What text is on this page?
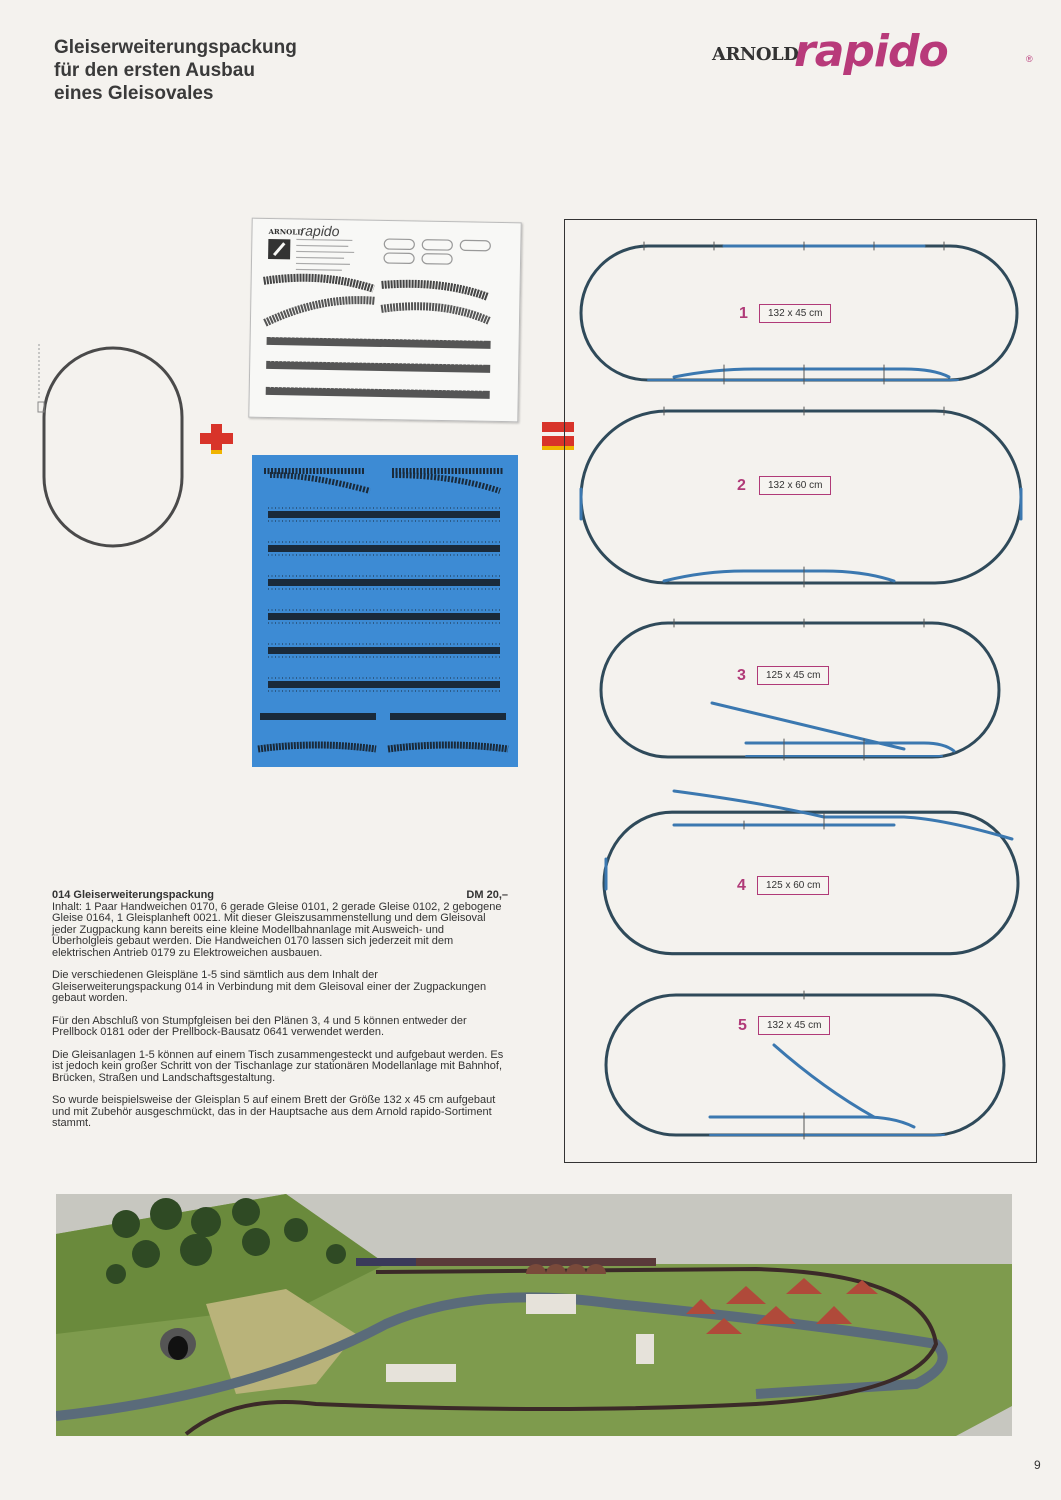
Gleiserweiterungspackung
für den ersten Ausbau
eines Gleisovales
ARNOLD
rapido	®
ARNOLD
rapido
1	132 x 45 cm
2	132 x 60 cm
3	125 x 45 cm
4	125 x 60 cm
5	132 x 45 cm
014 Gleiserweiterungspackung	DM 20,–

Inhalt: 1 Paar Handweichen 0170, 6 gerade Gleise 0101, 2 gerade Gleise 0102, 2 gebogene Gleise 0164, 1 Gleisplanheft 0021. Mit dieser Gleiszusammenstellung und dem Gleisoval jeder Zugpackung kann bereits eine kleine Modellbahnanlage mit Ausweich- und Überholgleis gebaut werden. Die Handweichen 0170 lassen sich jederzeit mit dem elektrischen Antrieb 0179 zu Elektroweichen ausbauen.

Die verschiedenen Gleispläne 1-5 sind sämtlich aus dem Inhalt der Gleiserweiterungspackung 014 in Verbindung mit dem Gleisoval einer der Zugpackungen gebaut worden.

Für den Abschluß von Stumpfgleisen bei den Plänen 3, 4 und 5 können entweder der Prellbock 0181 oder der Prellbock-Bausatz 0641 verwendet werden.

Die Gleisanlagen 1-5 können auf einem Tisch zusammengesteckt und aufgebaut werden. Es ist jedoch kein großer Schritt von der Tischanlage zur stationären Modellanlage mit Bahnhof, Brücken, Straßen und Landschaftsgestaltung.

So wurde beispielsweise der Gleisplan 5 auf einem Brett der Größe 132 x 45 cm aufgebaut und mit Zubehör ausgeschmückt, das in der Hauptsache aus dem Arnold rapido-Sortiment stammt.

9
